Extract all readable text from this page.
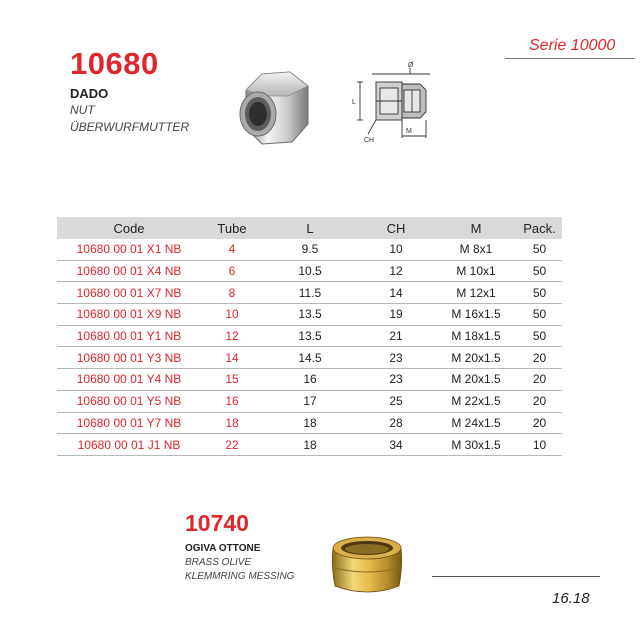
10680
DADO
NUT
ÜBERWURFMUTTER
Serie 10000
Ø
L
CH
M
Code	Tube	L	CH	M	Pack.
10680 00 01 X1 NB	4	9.5	10	M 8x1	50
10680 00 01 X4 NB	6	10.5	12	M 10x1	50
10680 00 01 X7 NB	8	11.5	14	M 12x1	50
10680 00 01 X9 NB	10	13.5	19	M 16x1.5	50
10680 00 01 Y1 NB	12	13.5	21	M 18x1.5	50
10680 00 01 Y3 NB	14	14.5	23	M 20x1.5	20
10680 00 01 Y4 NB	15	16	23	M 20x1.5	20
10680 00 01 Y5 NB	16	17	25	M 22x1.5	20
10680 00 01 Y7 NB	18	18	28	M 24x1.5	20
10680 00 01 J1 NB	22	18	34	M 30x1.5	10
10740
OGIVA OTTONE
BRASS OLIVE
KLEMMRING MESSING
16.18
